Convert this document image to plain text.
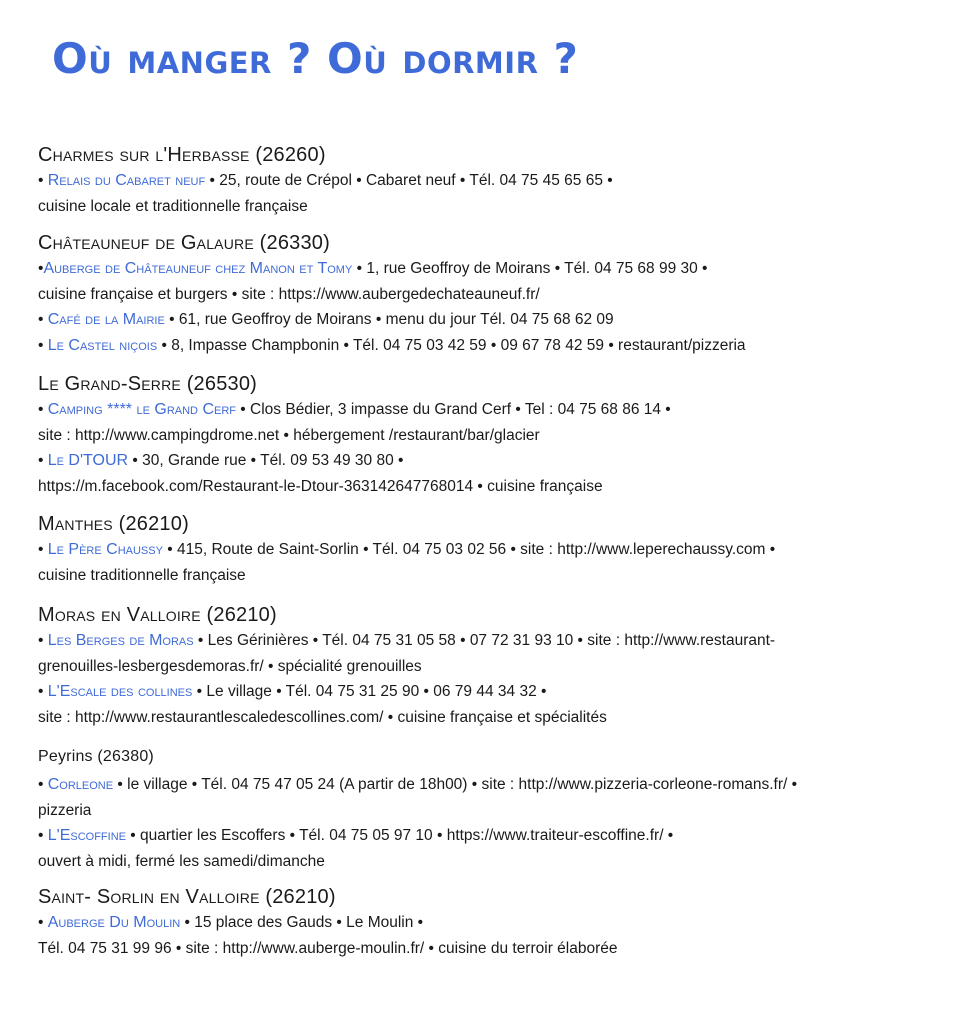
Où manger ? Où dormir ?
Charmes sur l'Herbasse (26260)
• Relais du Cabaret neuf • 25, route de Crépol • Cabaret neuf • Tél. 04 75 45 65 65 •
cuisine locale et traditionnelle française
Châteauneuf de Galaure (26330)
•Auberge de Châteauneuf chez Manon et Tomy • 1, rue Geoffroy de Moirans • Tél. 04 75 68 99 30 •
cuisine française et burgers • site : https://www.aubergedechateauneuf.fr/
• Café de la Mairie • 61, rue Geoffroy de Moirans • menu du jour Tél. 04 75 68 62 09
• Le Castel niçois • 8, Impasse Champbonin • Tél. 04 75 03 42 59 • 09 67 78 42 59 • restaurant/pizzeria
Le Grand-Serre (26530)
• Camping **** le Grand Cerf • Clos Bédier, 3 impasse du Grand Cerf • Tel : 04 75 68 86 14 •
site : http://www.campingdrome.net • hébergement /restaurant/bar/glacier
• Le D'TOUR • 30, Grande rue • Tél. 09 53 49 30 80 •
https://m.facebook.com/Restaurant-le-Dtour-363142647768014 • cuisine française
Manthes (26210)
• Le Père Chaussy • 415, Route de Saint-Sorlin • Tél. 04 75 03 02 56 • site : http://www.leperechaussy.com •
cuisine traditionnelle française
Moras en Valloire (26210)
• Les Berges de Moras • Les Gérinières • Tél. 04 75 31 05 58 • 07 72 31 93 10 • site : http://www.restaurant-
grenouilles-lesbergesdemoras.fr/ • spécialité grenouilles
• L'Escale des collines • Le village • Tél. 04 75 31 25 90 • 06 79 44 34 32 •
site : http://www.restaurantlescaledescollines.com/ • cuisine française et spécialités
Peyrins (26380)
• Corleone • le village • Tél. 04 75 47 05 24 (A partir de 18h00) • site : http://www.pizzeria-corleone-romans.fr/ •
pizzeria
• L'Escoffine • quartier les Escoffers • Tél. 04 75 05 97 10 • https://www.traiteur-escoffine.fr/ •
ouvert à midi, fermé les samedi/dimanche
Saint- Sorlin en Valloire (26210)
• Auberge Du Moulin • 15 place des Gauds • Le Moulin •
Tél. 04 75 31 99 96 • site : http://www.auberge-moulin.fr/ • cuisine du terroir élaborée
